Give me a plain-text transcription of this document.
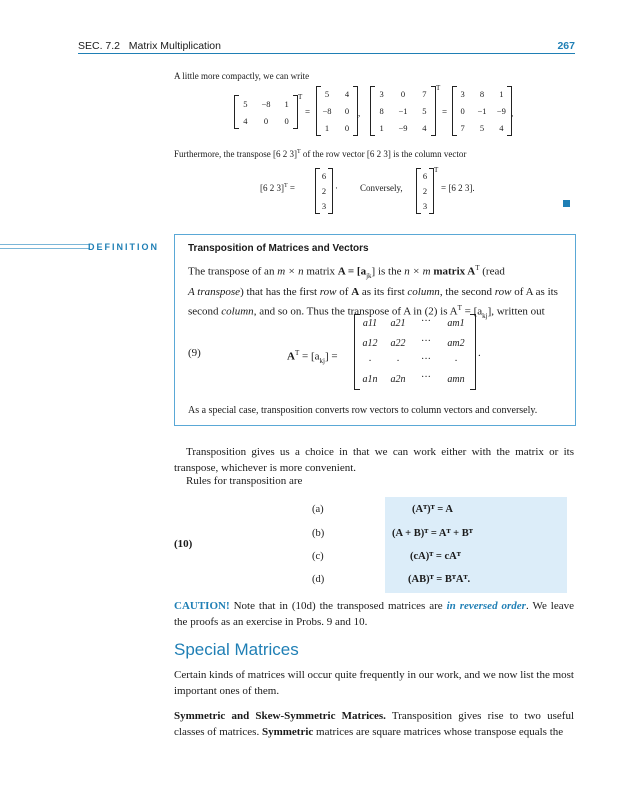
SEC. 7.2 Matrix Multiplication	267
A little more compactly, we can write
5 −8 1
4 0 0
T
=
5 4
−8 0
1 0
,
3 0 7
8 −1 5
1 −9 4
T
=
3 8 1
0 −1 −9
7 5 4
,
Furthermore, the transpose [6 2 3]$^T$ of the row vector [6 2 3] is the column vector
[6 2 3]$^T$ =
6
2
3
· Conversely,
6
2
3
T
= [6 2 3].
DEFINITION	Transposition of Matrices and Vectors
The transpose of an m × n matrix $A = [a_{jk}]$ is the n × m matrix $A^T$ (read
A transpose) that has the first row of A as its first column, the second row of A as its
second column, and so on. Thus the transpose of A in (2) is $A^T = [a_{kj}]$, written out
(9)	$A^T = [a_{kj}]$ =
a11	a21	···	am1
a12	a22	···	am2
·	·	···	·
a1n	a2n	···	amn
.
As a special case, transposition converts row vectors to column vectors and conversely.
Transposition gives us a choice in that we can work either with the matrix or its transpose, whichever is more convenient.
Rules for transposition are
(10)
(a)	(Aᵀ)ᵀ = A
(b)	(A + B)ᵀ = Aᵀ + Bᵀ
(c)	(cA)ᵀ = cAᵀ
(d)	(AB)ᵀ = BᵀAᵀ.
CAUTION! Note that in (10d) the transposed matrices are in reversed order. We leave the proofs as an exercise in Probs. 9 and 10.
Special Matrices
Certain kinds of matrices will occur quite frequently in our work, and we now list the most important ones of them.
Symmetric and Skew-Symmetric Matrices. Transposition gives rise to two useful classes of matrices. Symmetric matrices are square matrices whose transpose equals the
